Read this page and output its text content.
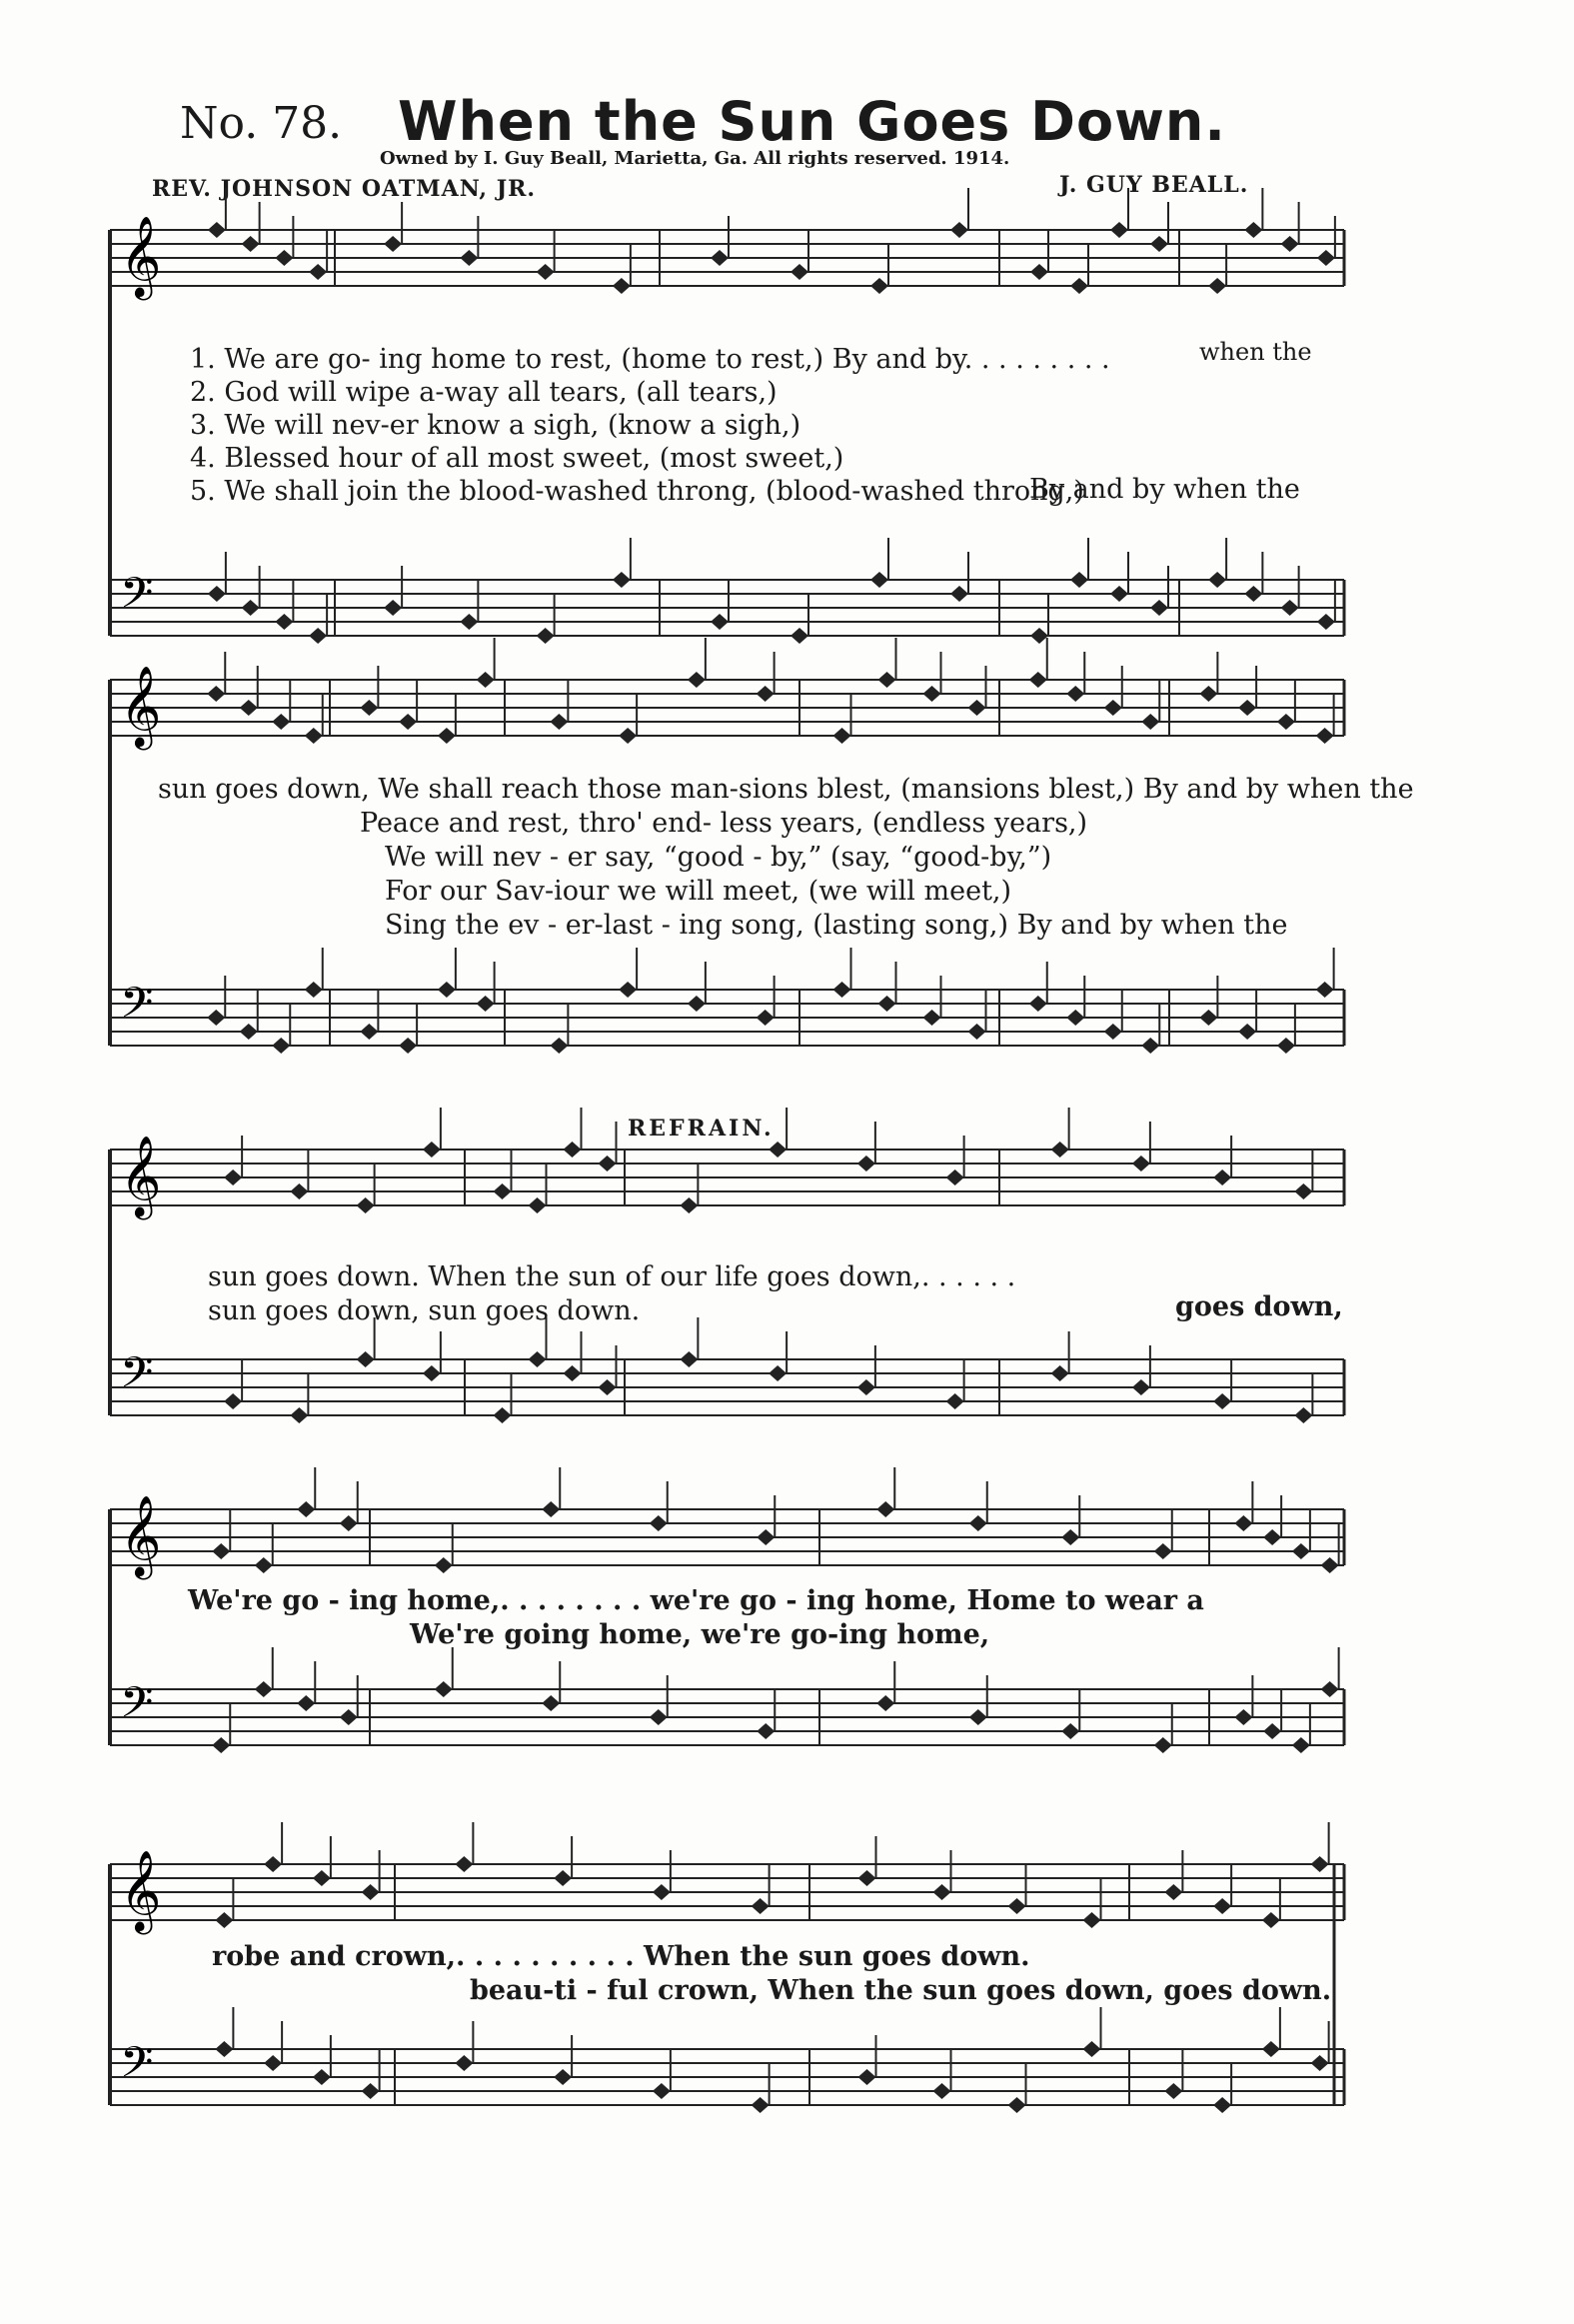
No. 78. When the Sun Goes Down.
Owned by I. Guy Beall, Marietta, Ga. All rights reserved. 1914.
REV. JOHNSON OATMAN, JR.	J. GUY BEALL.
𝄞
𝄢
𝄞
𝄢
𝄞
𝄢
𝄞
𝄢
𝄞
𝄢
1. We are go- ing home to rest, (home to rest,) By and by. . . . . . . . .	when the
2. God will wipe a-way all tears, (all tears,)
3. We will nev-er know a sigh, (know a sigh,)
4. Blessed hour of all most sweet, (most sweet,)
5. We shall join the blood-washed throng, (blood-washed throng,)
By and by when the
sun goes down, We shall reach those man-sions blest, (mansions blest,) By and by when the
Peace and rest, thro' end- less years, (endless years,)
We will nev - er say, “good - by,” (say, “good-by,”)
For our Sav-iour we will meet, (we will meet,)
Sing the ev - er-last - ing song, (lasting song,) By and by when the
REFRAIN.
sun goes down. When the sun of our life goes down,. . . . . .
sun goes down, sun goes down.	goes down,
We're go - ing home,. . . . . . . . we're go - ing home, Home to wear a
We're going home, we're go-ing home,
robe and crown,. . . . . . . . . . When the sun goes down.
beau-ti - ful crown, When the sun goes down, goes down.
